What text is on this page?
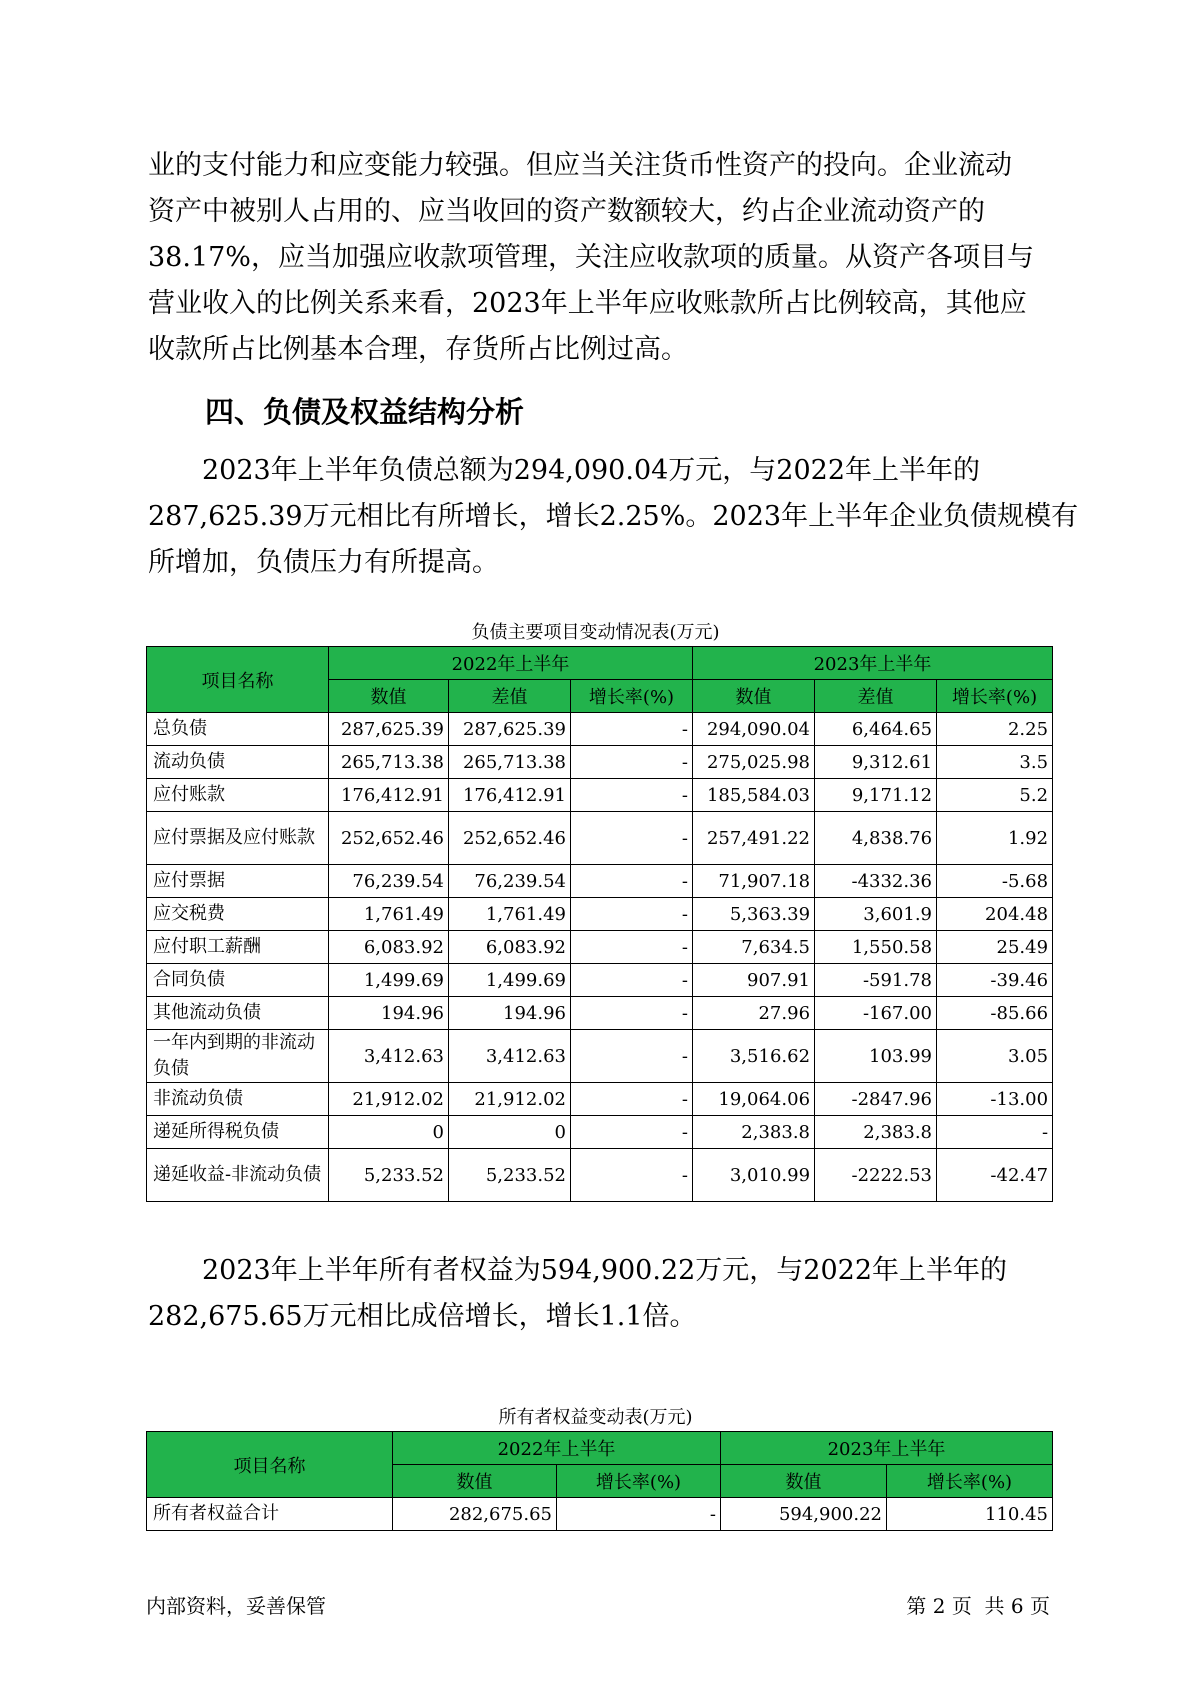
业的支付能力和应变能力较强。但应当关注货币性资产的投向。企业流动
资产中被别人占用的、应当收回的资产数额较大，约占企业流动资产的
38.17%，应当加强应收款项管理，关注应收款项的质量。从资产各项目与
营业收入的比例关系来看，2023年上半年应收账款所占比例较高，其他应
收款所占比例基本合理，存货所占比例过高。
四、负债及权益结构分析
2023年上半年负债总额为294,090.04万元，与2022年上半年的
287,625.39万元相比有所增长，增长2.25%。2023年上半年企业负债规模有
所增加，负债压力有所提高。
负债主要项目变动情况表(万元)
项目名称	2022年上半年			2023年上半年		
	数值	差值	增长率(%)	数值	差值	增长率(%)
总负债	287,625.39	287,625.39	-	294,090.04	6,464.65	2.25
流动负债	265,713.38	265,713.38	-	275,025.98	9,312.61	3.5
应付账款	176,412.91	176,412.91	-	185,584.03	9,171.12	5.2
应付票据及应付账款	252,652.46	252,652.46	-	257,491.22	4,838.76	1.92
应付票据	76,239.54	76,239.54	-	71,907.18	-4332.36	-5.68
应交税费	1,761.49	1,761.49	-	5,363.39	3,601.9	204.48
应付职工薪酬	6,083.92	6,083.92	-	7,634.5	1,550.58	25.49
合同负债	1,499.69	1,499.69	-	907.91	-591.78	-39.46
其他流动负债	194.96	194.96	-	27.96	-167.00	-85.66
一年内到期的非流动负债	3,412.63	3,412.63	-	3,516.62	103.99	3.05
非流动负债	21,912.02	21,912.02	-	19,064.06	-2847.96	-13.00
递延所得税负债	0	0	-	2,383.8	2,383.8	-
递延收益-非流动负债	5,233.52	5,233.52	-	3,010.99	-2222.53	-42.47
2023年上半年所有者权益为594,900.22万元，与2022年上半年的
282,675.65万元相比成倍增长，增长1.1倍。
所有者权益变动表(万元)
项目名称	2022年上半年		2023年上半年	
	数值	增长率(%)	数值	增长率(%)
所有者权益合计	282,675.65	-	594,900.22	110.45
内部资料，妥善保管	第 2 页  共 6 页
